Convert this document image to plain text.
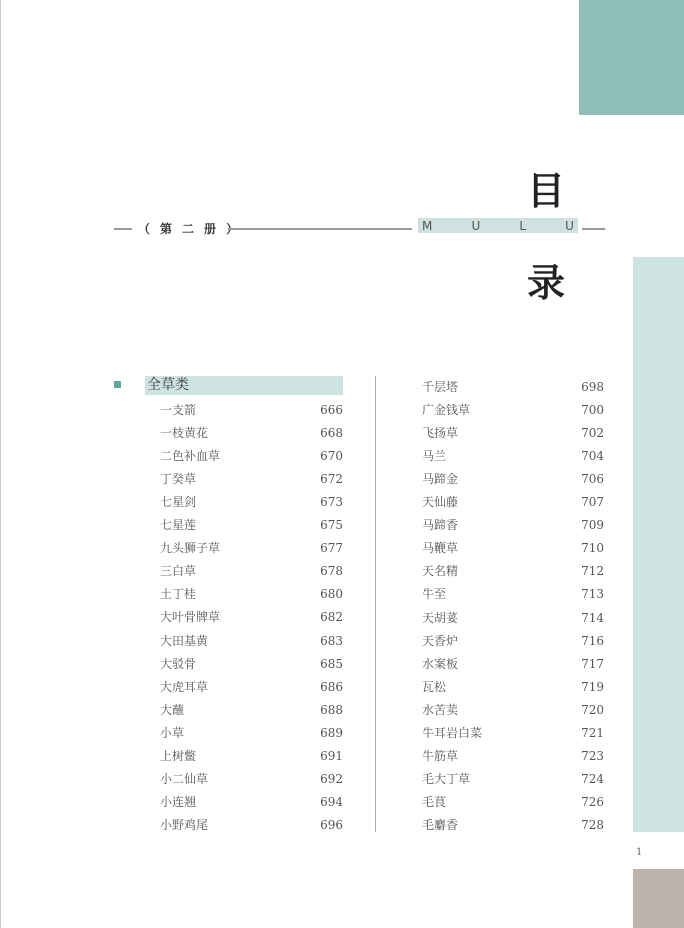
目
录
（ 第 二 册	M	U	L	U
全草类
一支箭	666
一枝黄花	668
二色补血草	670
丁癸草	672
七星剑	673
七星莲	675
九头狮子草	677
三白草	678
土丁桂	680
大叶骨牌草	682
大田基黄	683
大驳骨	685
大虎耳草	686
大蘸	688
小草	689
上树鳖	691
小二仙草	692
小连翘	694
小野鸡尾	696
千层塔	698
广金钱草	700
飞扬草	702
马兰	704
马蹄金	706
天仙藤	707
马蹄香	709
马鞭草	710
天名精	712
牛至	713
天胡荽	714
天香炉	716
水案板	717
瓦松	719
水苦荬	720
牛耳岩白菜	721
牛筋草	723
毛大丁草	724
毛茛	726
毛麝香	728
1
